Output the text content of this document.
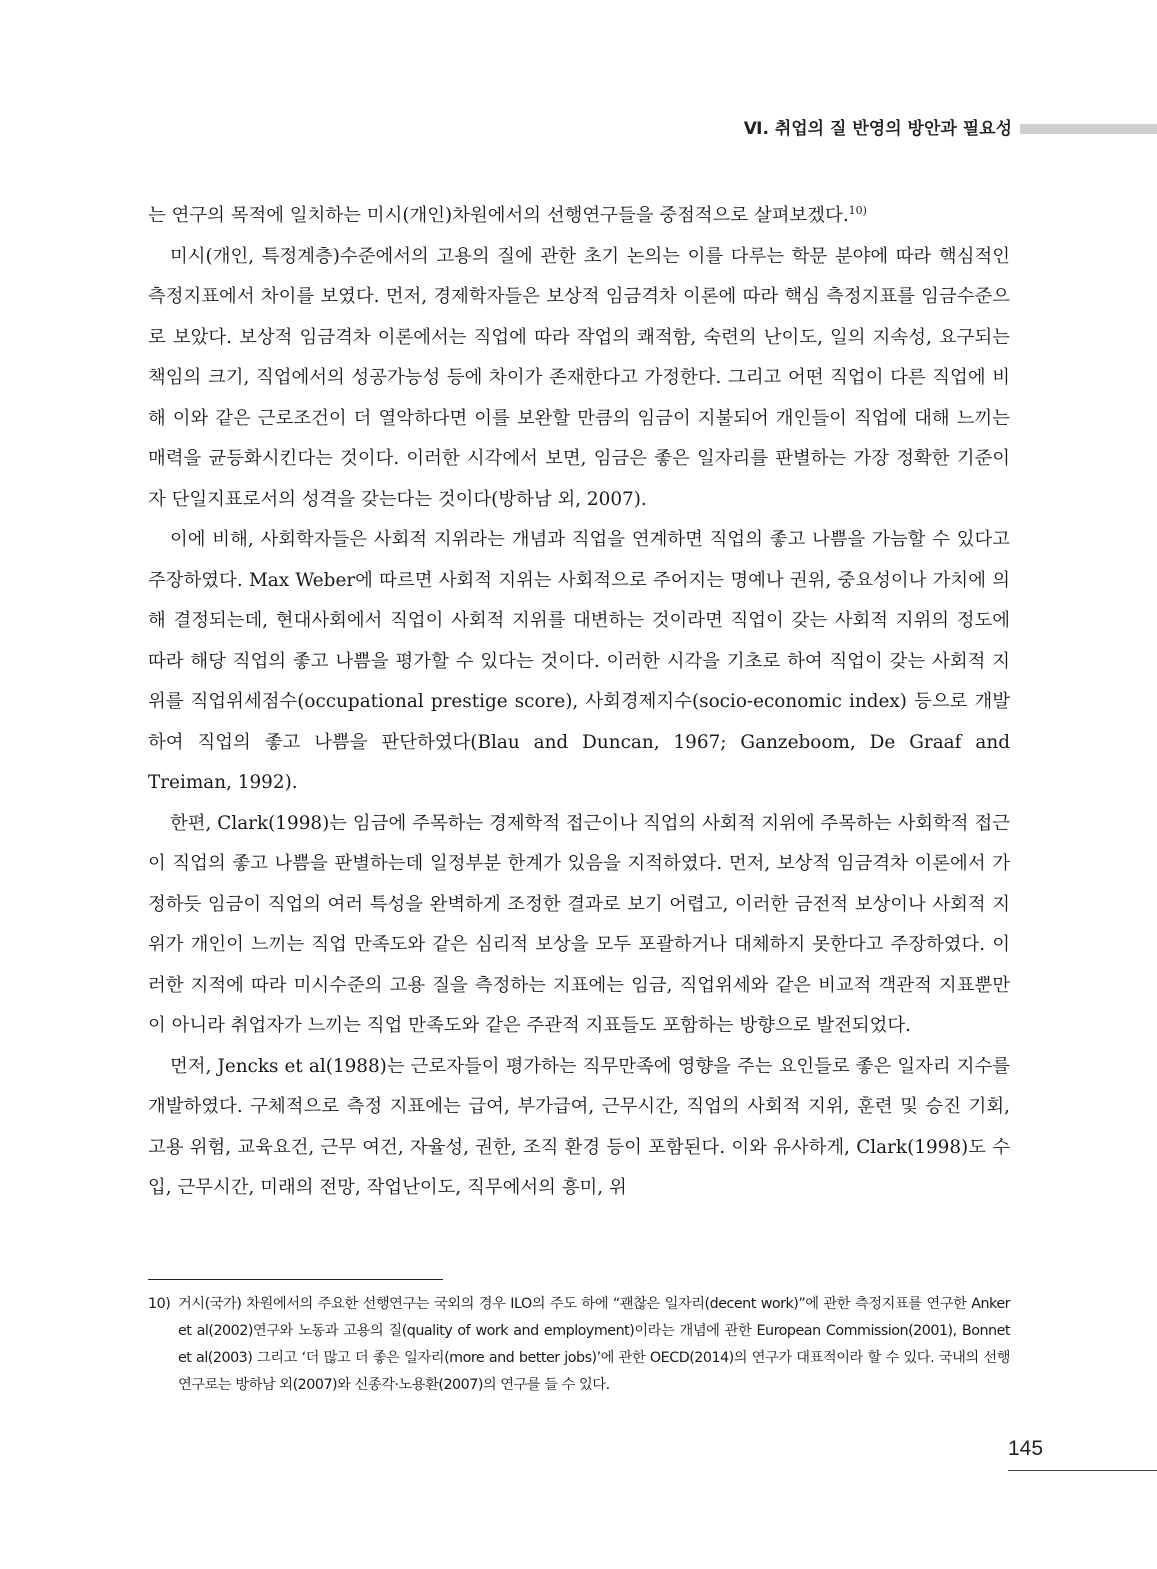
Ⅵ. 취업의 질 반영의 방안과 필요성

는 연구의 목적에 일치하는 미시(개인)차원에서의 선행연구들을 중점적으로 살펴보겠다.$^{10)}$

미시(개인, 특정계층)수준에서의 고용의 질에 관한 초기 논의는 이를 다루는 학문 분야에 따라 핵심적인 측정지표에서 차이를 보였다. 먼저, 경제학자들은 보상적 임금격차 이론에 따라 핵심 측정지표를 임금수준으로 보았다. 보상적 임금격차 이론에서는 직업에 따라 작업의 쾌적함, 숙련의 난이도, 일의 지속성, 요구되는 책임의 크기, 직업에서의 성공가능성 등에 차이가 존재한다고 가정한다. 그리고 어떤 직업이 다른 직업에 비해 이와 같은 근로조건이 더 열악하다면 이를 보완할 만큼의 임금이 지불되어 개인들이 직업에 대해 느끼는 매력을 균등화시킨다는 것이다. 이러한 시각에서 보면, 임금은 좋은 일자리를 판별하는 가장 정확한 기준이자 단일지표로서의 성격을 갖는다는 것이다(방하남 외, 2007).

이에 비해, 사회학자들은 사회적 지위라는 개념과 직업을 연계하면 직업의 좋고 나쁨을 가늠할 수 있다고 주장하였다. Max Weber에 따르면 사회적 지위는 사회적으로 주어지는 명예나 권위, 중요성이나 가치에 의해 결정되는데, 현대사회에서 직업이 사회적 지위를 대변하는 것이라면 직업이 갖는 사회적 지위의 정도에 따라 해당 직업의 좋고 나쁨을 평가할 수 있다는 것이다. 이러한 시각을 기초로 하여 직업이 갖는 사회적 지위를 직업위세점수(occupational prestige score), 사회경제지수(socio-economic index) 등으로 개발하여 직업의 좋고 나쁨을 판단하였다(Blau and Duncan, 1967; Ganzeboom, De Graaf and Treiman, 1992).

한편, Clark(1998)는 임금에 주목하는 경제학적 접근이나 직업의 사회적 지위에 주목하는 사회학적 접근이 직업의 좋고 나쁨을 판별하는데 일정부분 한계가 있음을 지적하였다. 먼저, 보상적 임금격차 이론에서 가정하듯 임금이 직업의 여러 특성을 완벽하게 조정한 결과로 보기 어렵고, 이러한 금전적 보상이나 사회적 지위가 개인이 느끼는 직업 만족도와 같은 심리적 보상을 모두 포괄하거나 대체하지 못한다고 주장하였다. 이러한 지적에 따라 미시수준의 고용 질을 측정하는 지표에는 임금, 직업위세와 같은 비교적 객관적 지표뿐만이 아니라 취업자가 느끼는 직업 만족도와 같은 주관적 지표들도 포함하는 방향으로 발전되었다.

먼저, Jencks et al(1988)는 근로자들이 평가하는 직무만족에 영향을 주는 요인들로 좋은 일자리 지수를 개발하였다. 구체적으로 측정 지표에는 급여, 부가급여, 근무시간, 직업의 사회적 지위, 훈련 및 승진 기회, 고용 위험, 교육요건, 근무 여건, 자율성, 권한, 조직 환경 등이 포함된다. 이와 유사하게, Clark(1998)도 수입, 근무시간, 미래의 전망, 작업난이도, 직무에서의 흥미, 위

10) 거시(국가) 차원에서의 주요한 선행연구는 국외의 경우 ILO의 주도 하에 “괜찮은 일자리(decent work)”에 관한 측정지표를 연구한 Anker et al(2002)연구와 노동과 고용의 질(quality of work and employment)이라는 개념에 관한 European Commission(2001), Bonnet et al(2003) 그리고 ‘더 많고 더 좋은 일자리(more and better jobs)’에 관한 OECD(2014)의 연구가 대표적이라 할 수 있다. 국내의 선행연구로는 방하남 외(2007)와 신종각·노용환(2007)의 연구를 들 수 있다.
145
